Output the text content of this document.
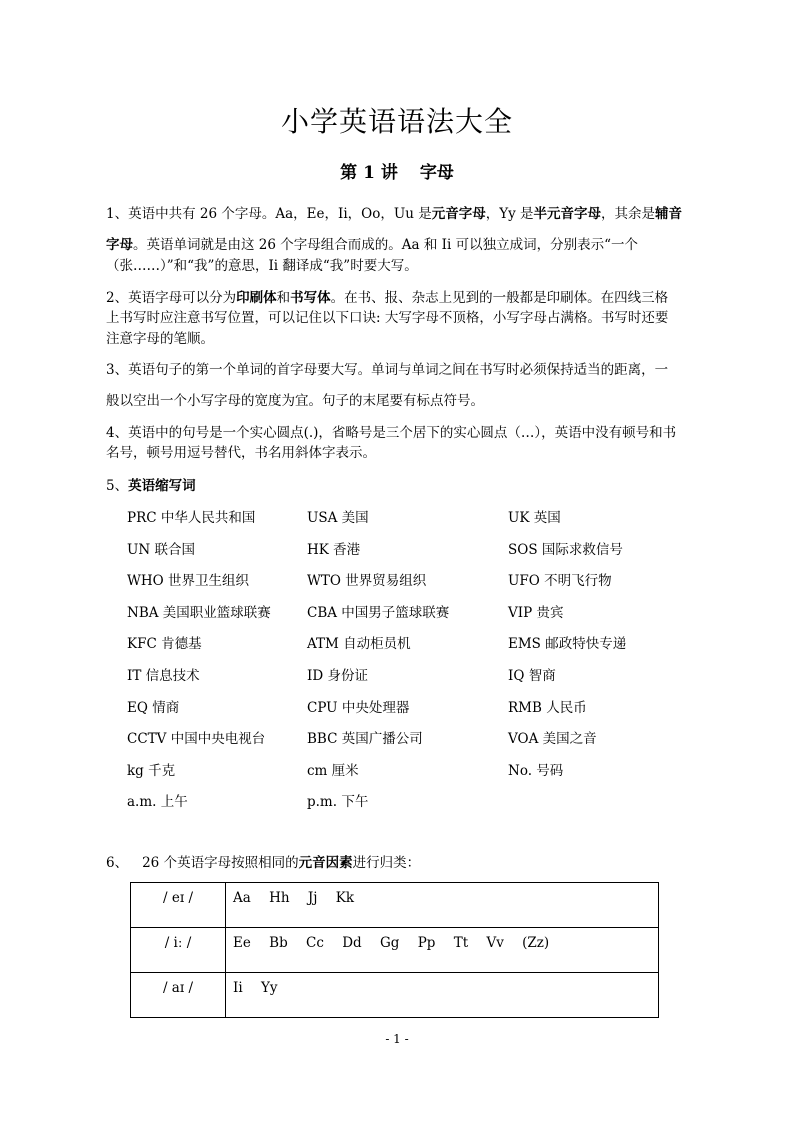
小学英语语法大全
第 1 讲 字母
1、英语中共有 26 个字母。Aa，Ee，Ii，Oo，Uu 是元音字母，Yy 是半元音字母，其余是辅音
字母。英语单词就是由这 26 个字母组合而成的。Aa 和 Ii 可以独立成词，分别表示“一个
（张……）”和“我”的意思，Ii 翻译成“我”时要大写。
2、英语字母可以分为印刷体和书写体。在书、报、杂志上见到的一般都是印刷体。在四线三格
上书写时应注意书写位置，可以记住以下口诀: 大写字母不顶格，小写字母占满格。书写时还要
注意字母的笔顺。
3、英语句子的第一个单词的首字母要大写。单词与单词之间在书写时必须保持适当的距离，一
般以空出一个小写字母的宽度为宜。句子的末尾要有标点符号。
4、英语中的句号是一个实心圆点(.)，省略号是三个居下的实心圆点（…），英语中没有顿号和书
名号，顿号用逗号替代，书名用斜体字表示。
5、英语缩写词
PRC 中华人民共和国	USA 美国	UK 英国
UN 联合国	HK 香港	SOS 国际求救信号
WHO 世界卫生组织	WTO 世界贸易组织	UFO 不明飞行物
NBA 美国职业篮球联赛	CBA 中国男子篮球联赛	VIP 贵宾
KFC 肯德基	ATM 自动柜员机	EMS 邮政特快专递
IT 信息技术	ID 身份证	IQ 智商
EQ 情商	CPU 中央处理器	RMB 人民币
CCTV 中国中央电视台	BBC 英国广播公司	VOA 美国之音
kg 千克	cm 厘米	No. 号码
a.m. 上午	p.m. 下午
6、 26 个英语字母按照相同的元音因素进行归类：
/ eɪ /	Aa Hh Jj Kk
/ iː /	Ee Bb Cc Dd Gg Pp Tt Vv (Zz)
/ aɪ /	Ii Yy
- 1 -
